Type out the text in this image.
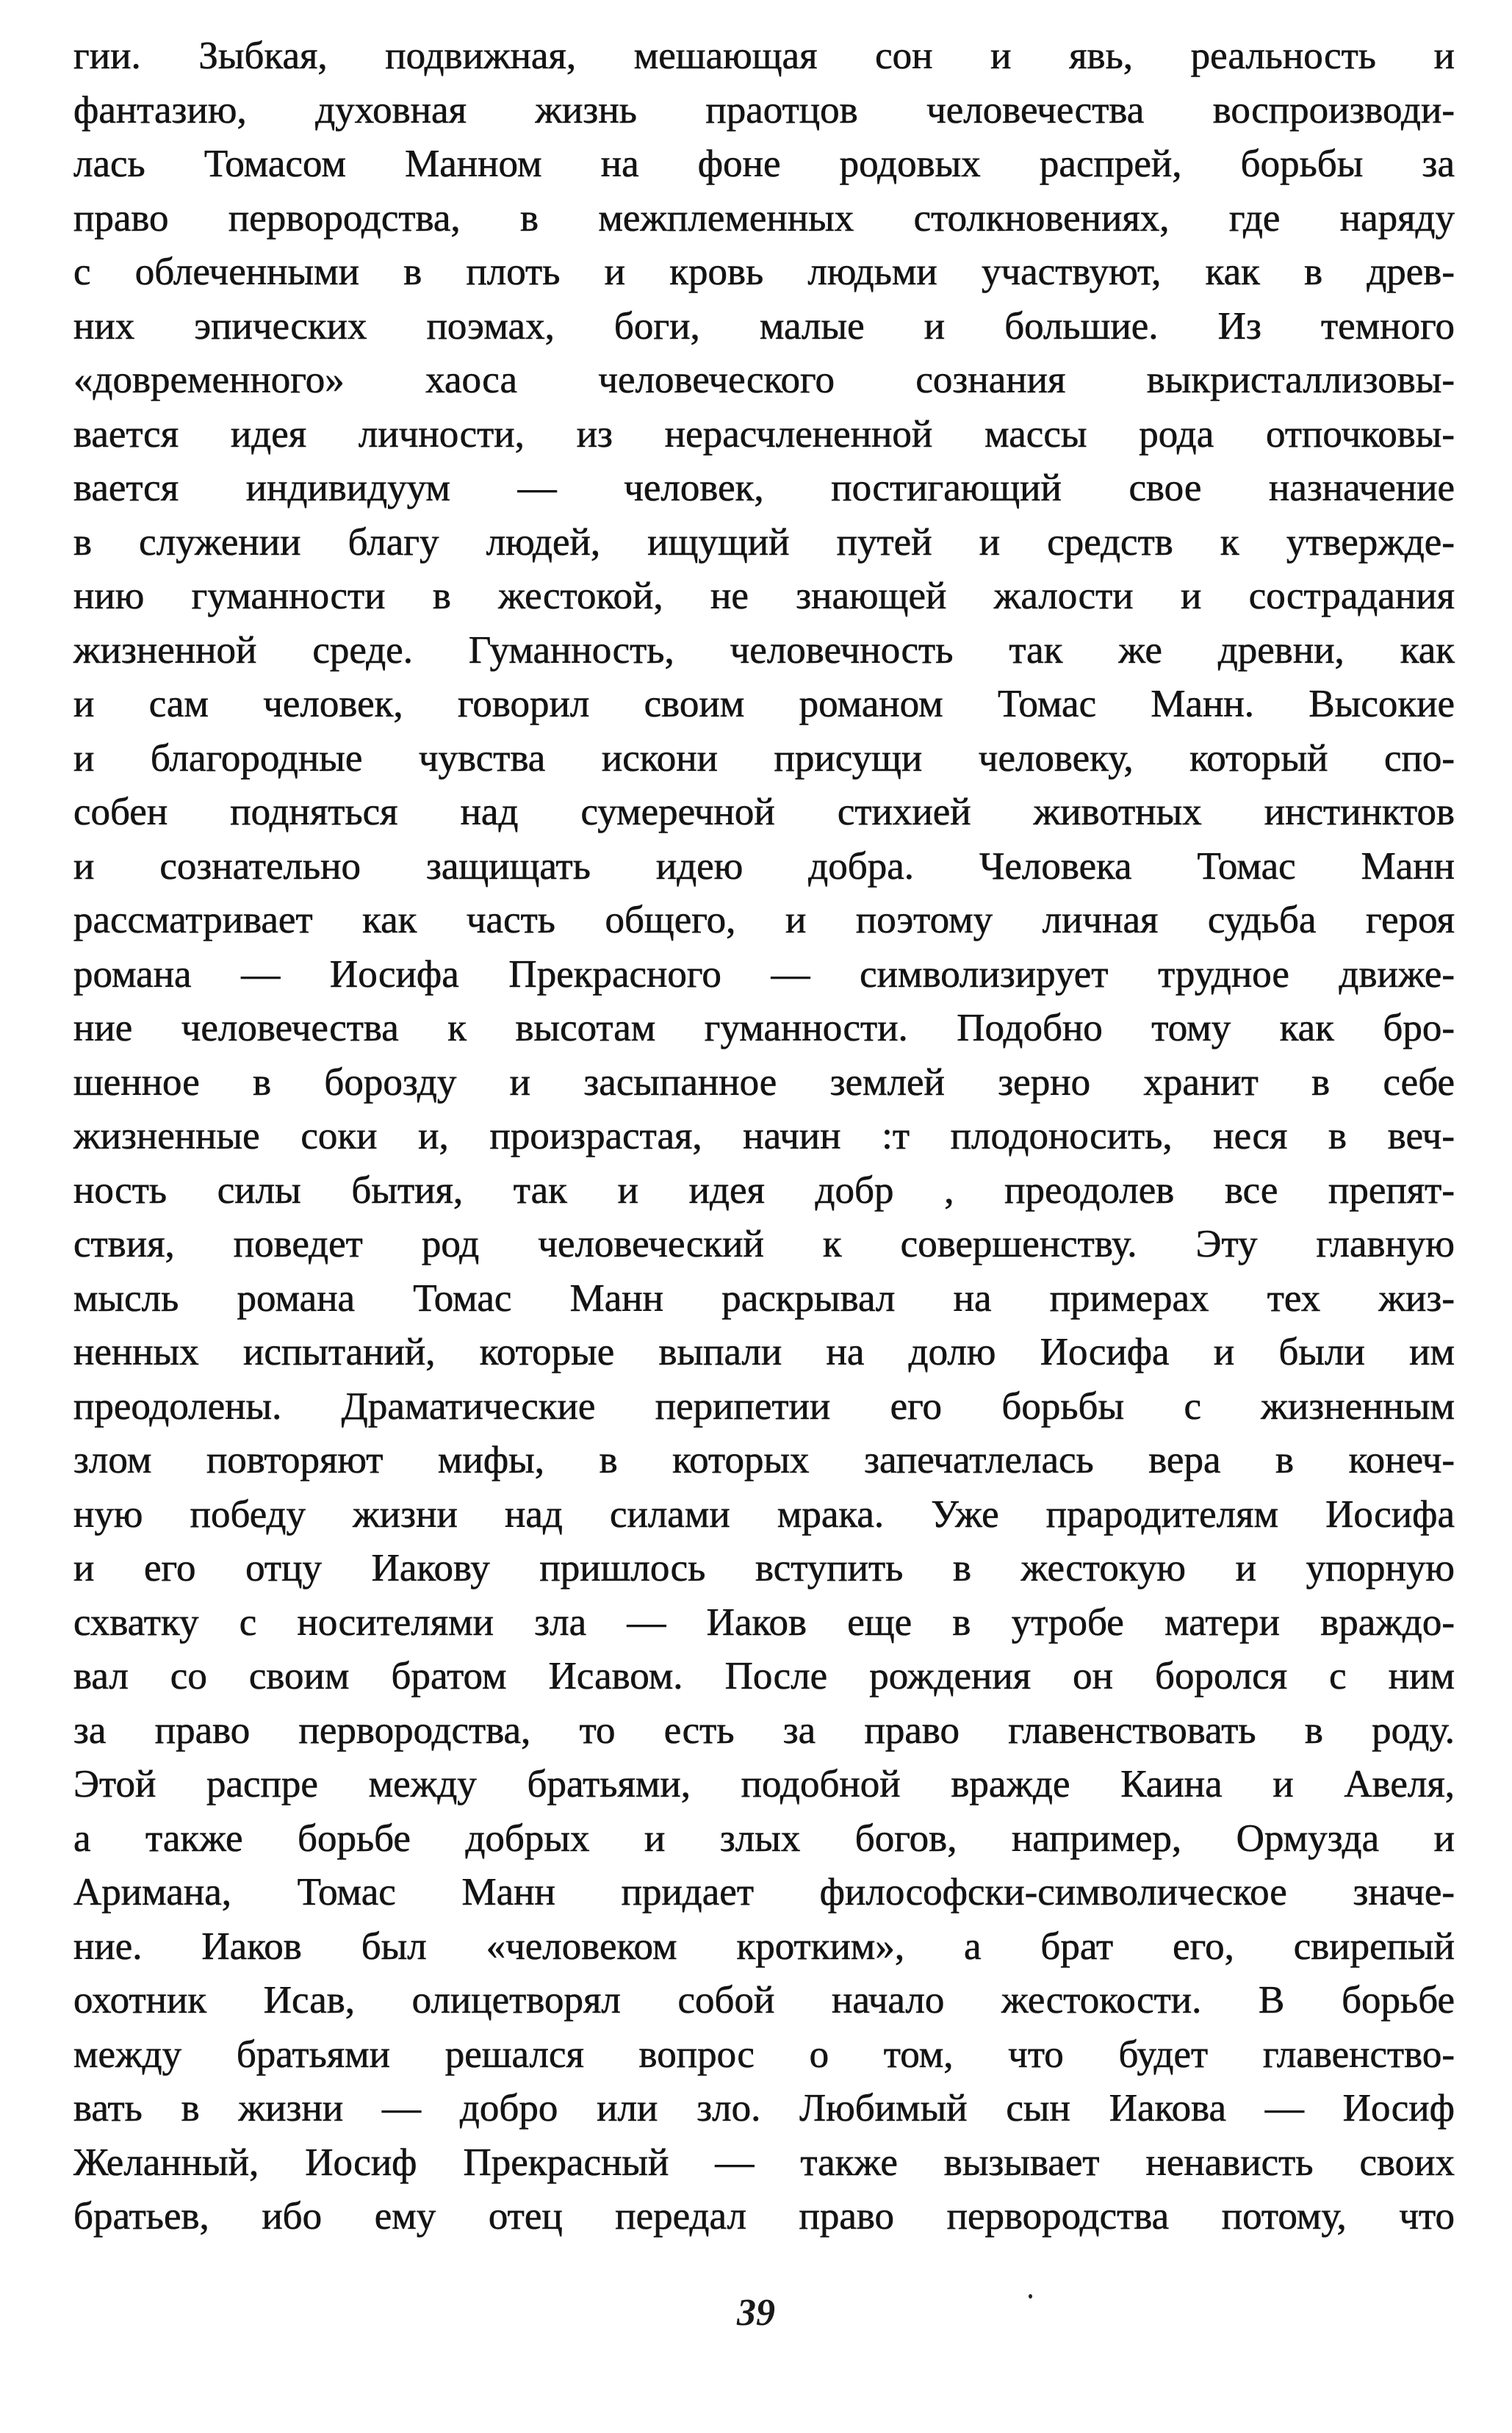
гии. Зыбкая, подвижная, мешающая сон и явь, реальность и
фантазию, духовная жизнь праотцов человечества воспроизводи-
лась Томасом Манном на фоне родовых распрей, борьбы за
право первородства, в межплеменных столкновениях, где наряду
с облеченными в плоть и кровь людьми участвуют, как в древ-
них эпических поэмах, боги, малые и большие. Из темного
«довременного» хаоса человеческого сознания выкристаллизовы-
вается идея личности, из нерасчлененной массы рода отпочковы-
вается индивидуум — человек, постигающий свое назначение
в служении благу людей, ищущий путей и средств к утвержде-
нию гуманности в жестокой, не знающей жалости и сострадания
жизненной среде. Гуманность, человечность так же древни, как
и сам человек, говорил своим романом Томас Манн. Высокие
и благородные чувства искони присущи человеку, который спо-
собен подняться над сумеречной стихией животных инстинктов
и сознательно защищать идею добра. Человека Томас Манн
рассматривает как часть общего, и поэтому личная судьба героя
романа — Иосифа Прекрасного — символизирует трудное движе-
ние человечества к высотам гуманности. Подобно тому как бро-
шенное в борозду и засыпанное землей зерно хранит в себе
жизненные соки и, произрастая, начин :т плодоносить, неся в веч-
ность силы бытия, так и идея добр , преодолев все препят-
ствия, поведет род человеческий к совершенству. Эту главную
мысль романа Томас Манн раскрывал на примерах тех жиз-
ненных испытаний, которые выпали на долю Иосифа и были им
преодолены. Драматические перипетии его борьбы с жизненным
злом повторяют мифы, в которых запечатлелась вера в конеч-
ную победу жизни над силами мрака. Уже прародителям Иосифа
и его отцу Иакову пришлось вступить в жестокую и упорную
схватку с носителями зла — Иаков еще в утробе матери враждо-
вал со своим братом Исавом. После рождения он боролся с ним
за право первородства, то есть за право главенствовать в роду.
Этой распре между братьями, подобной вражде Каина и Авеля,
а также борьбе добрых и злых богов, например, Ормузда и
Аримана, Томас Манн придает философски-символическое значе-
ние. Иаков был «человеком кротким», а брат его, свирепый
охотник Исав, олицетворял собой начало жестокости. В борьбе
между братьями решался вопрос о том, что будет главенство-
вать в жизни — добро или зло. Любимый сын Иакова — Иосиф
Желанный, Иосиф Прекрасный — также вызывает ненависть своих
братьев, ибо ему отец передал право первородства потому, что
39
